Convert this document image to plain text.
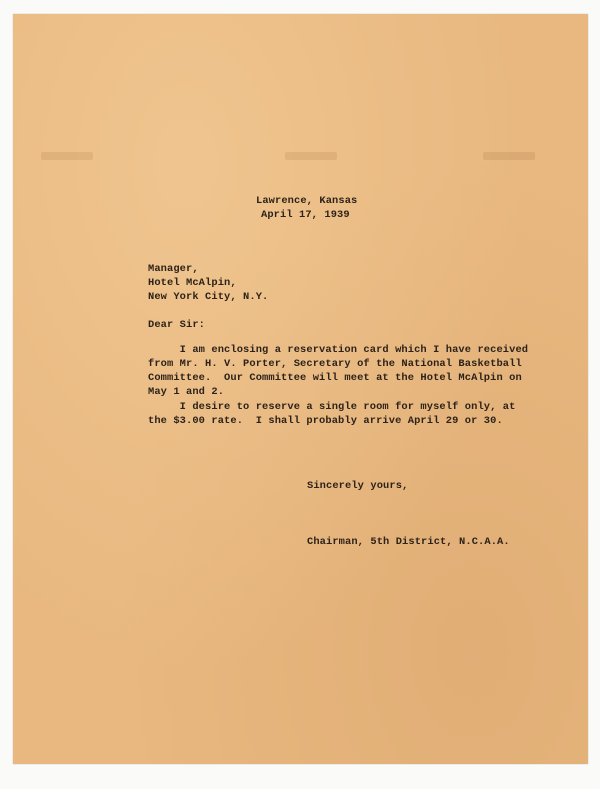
Lawrence, Kansas
April 17, 1939
Manager,
Hotel McAlpin,
New York City, N.Y.
Dear Sir:
I am enclosing a reservation card which I have received
from Mr. H. V. Porter, Secretary of the National Basketball
Committee.  Our Committee will meet at the Hotel McAlpin on
May 1 and 2.
I desire to reserve a single room for myself only, at
the $3.00 rate.  I shall probably arrive April 29 or 30.
Sincerely yours,
Chairman, 5th District, N.C.A.A.
